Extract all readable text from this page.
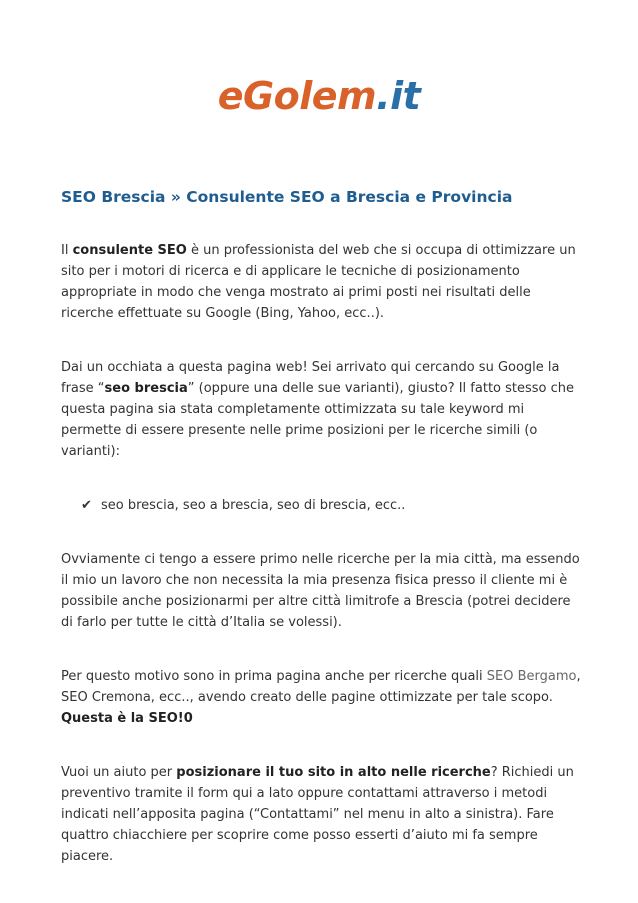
eGolem.it
SEO Brescia » Consulente SEO a Brescia e Provincia

Il consulente SEO è un professionista del web che si occupa di ottimizzare un sito per i motori di ricerca e di applicare le tecniche di posizionamento appropriate in modo che venga mostrato ai primi posti nei risultati delle ricerche effettuate su Google (Bing, Yahoo, ecc..).

Dai un occhiata a questa pagina web! Sei arrivato qui cercando su Google la frase “seo brescia” (oppure una delle sue varianti), giusto? Il fatto stesso che questa pagina sia stata completamente ottimizzata su tale keyword mi permette di essere presente nelle prime posizioni per le ricerche simili (o varianti):

✔ seo brescia, seo a brescia, seo di brescia, ecc..

Ovviamente ci tengo a essere primo nelle ricerche per la mia città, ma essendo il mio un lavoro che non necessita la mia presenza fisica presso il cliente mi è possibile anche posizionarmi per altre città limitrofe a Brescia (potrei decidere di farlo per tutte le città d’Italia se volessi).

Per questo motivo sono in prima pagina anche per ricerche quali SEO Bergamo, SEO Cremona, ecc.., avendo creato delle pagine ottimizzate per tale scopo. Questa è la SEO!0

Vuoi un aiuto per posizionare il tuo sito in alto nelle ricerche? Richiedi un preventivo tramite il form qui a lato oppure contattami attraverso i metodi indicati nell’apposita pagina (“Contattami” nel menu in alto a sinistra). Fare quattro chiacchiere per scoprire come posso esserti d’aiuto mi fa sempre piacere.
